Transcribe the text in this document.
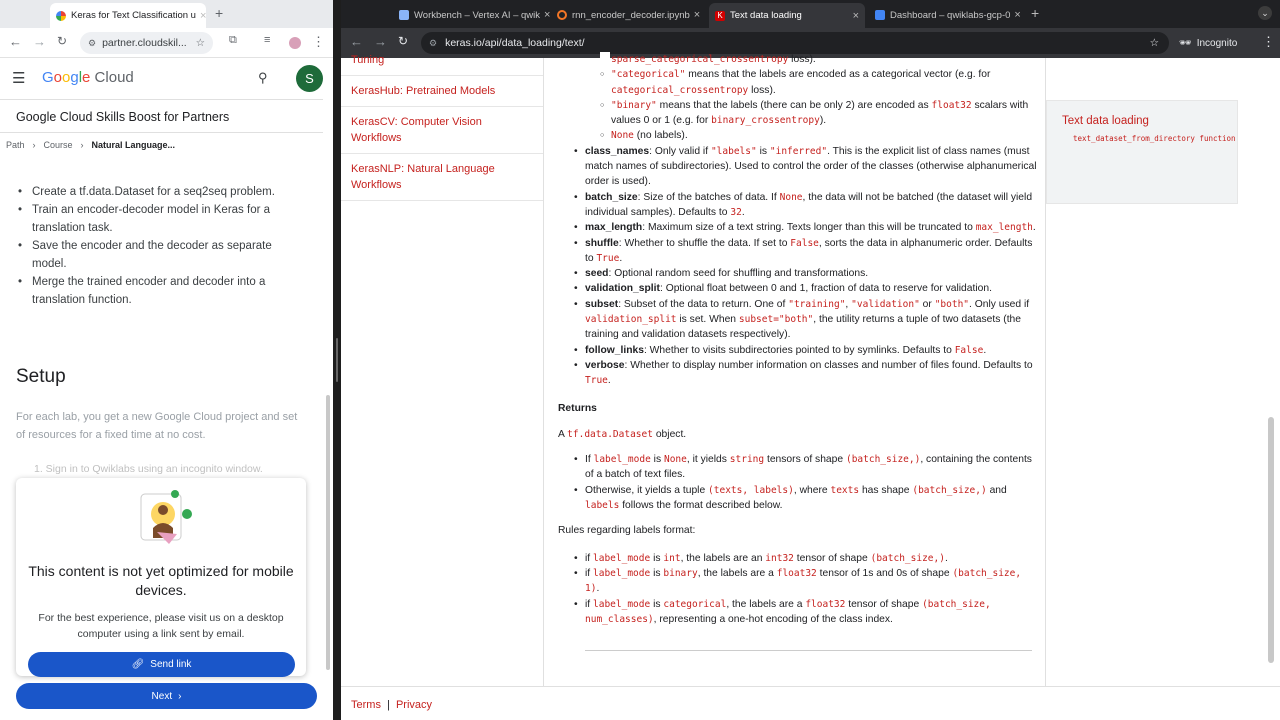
Keras for Text Classification u × +
← → ↻ ⚙ partner.cloudskil... ☆ ⧉ ≡	⋮
☰ Google Cloud	⚲	S
Google Cloud Skills Boost for Partners
Path › Course › Natural Language...
• Create a tf.data.Dataset for a seq2seq problem.
• Train an encoder-decoder model in Keras for a translation task.
• Save the encoder and the decoder as separate model.
• Merge the trained encoder and decoder into a translation function.
Setup
For each lab, you get a new Google Cloud project and set of resources for a fixed time at no cost.
1. Sign in to Qwiklabs using an incognito window.
This content is not yet optimized for mobile devices.
For the best experience, please visit us on a desktop computer using a link sent by email.
🔗︎ Send link
Next ›
Workbench – Vertex AI – qwik × rnn_encoder_decoder.ipynb × K Text data loading	×	Dashboard – qwiklabs-gcp-0 × +	⌄
← → ↻ ⚙ keras.io/api/data_loading/text/	☆ 🕶︎ Incognito ⋮
Tuning
KerasHub: Pretrained Models
KerasCV: Computer Vision Workflows
KerasNLP: Natural Language Workflows
○ sparse_categorical_crossentropy loss).
○ "categorical" means that the labels are encoded as a categorical vector (e.g. for categorical_crossentropy loss).
○ "binary" means that the labels (there can be only 2) are encoded as float32 scalars with values 0 or 1 (e.g. for binary_crossentropy).
○ None (no labels).
• class_names: Only valid if "labels" is "inferred". This is the explicit list of class names (must match names of subdirectories). Used to control the order of the classes (otherwise alphanumerical order is used).
• batch_size: Size of the batches of data. If None, the data will not be batched (the dataset will yield individual samples). Defaults to 32.
• max_length: Maximum size of a text string. Texts longer than this will be truncated to max_length.
• shuffle: Whether to shuffle the data. If set to False, sorts the data in alphanumeric order. Defaults to True.
• seed: Optional random seed for shuffling and transformations.
• validation_split: Optional float between 0 and 1, fraction of data to reserve for validation.
• subset: Subset of the data to return. One of "training", "validation" or "both". Only used if validation_split is set. When subset="both", the utility returns a tuple of two datasets (the training and validation datasets respectively).
• follow_links: Whether to visits subdirectories pointed to by symlinks. Defaults to False.
• verbose: Whether to display number information on classes and number of files found. Defaults to True.
Returns
A tf.data.Dataset object.
• If label_mode is None, it yields string tensors of shape (batch_size,), containing the contents of a batch of text files.
• Otherwise, it yields a tuple (texts, labels), where texts has shape (batch_size,) and labels follows the format described below.
Rules regarding labels format:
• if label_mode is int, the labels are an int32 tensor of shape (batch_size,).
• if label_mode is binary, the labels are a float32 tensor of 1s and 0s of shape (batch_size, 1).
• if label_mode is categorical, the labels are a float32 tensor of shape (batch_size, num_classes), representing a one-hot encoding of the class index.
Text data loading
text_dataset_from_directory function
Terms | Privacy
